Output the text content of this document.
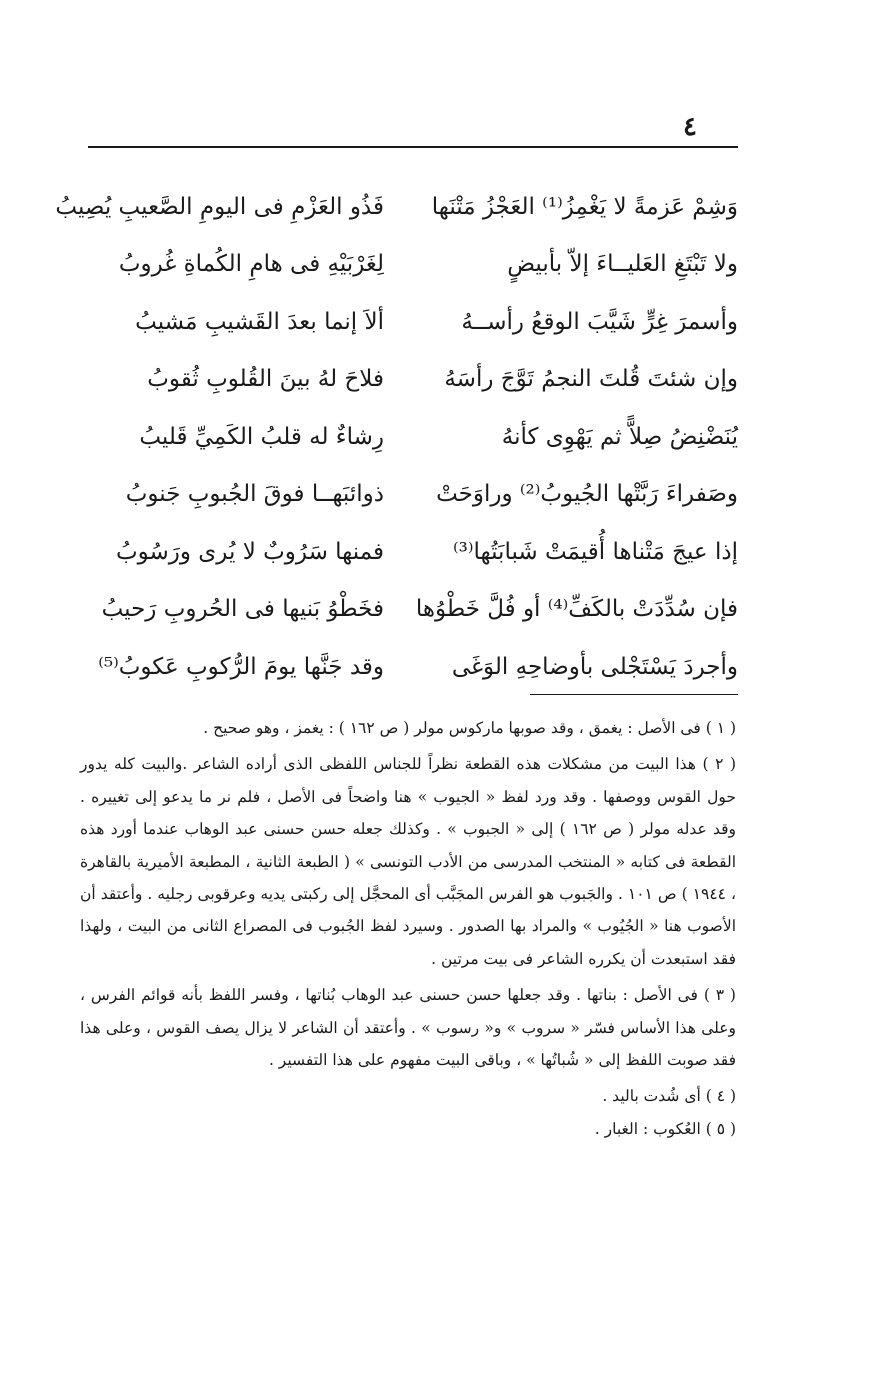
٤
وَشِمْ عَزمةً لا يَغْمِزُ⁽¹⁾ العَجْزُ مَتْنَها
فَذُو العَزْمِ فى اليومِ الصَّعيبِ يُصِيبُ
ولا تَبْتَغِ العَليــاءَ إلاّ بأبيضٍ
لِغَرْبَيْهِ فى هامِ الكُماةِ غُروبُ
وأسمرَ غِرٍّ شَيَّبَ الوقعُ رأســهُ
ألاَ إنما بعدَ القَشيبِ مَشيبُ
وإن شئتَ قُلتَ النجمُ تَوَّجَ رأسَهُ
فلاحَ لهُ بينَ القُلوبِ ثُقوبُ
يُنَضْنِضُ صِلاًّ ثم يَهْوِى كأنهُ
رِشاءٌ له قلبُ الكَمِيِّ قَليبُ
وصَفراءَ رَبَّتْها الجُيوبُ⁽²⁾ وراوَحَتْ
ذوائبَهــا فوقَ الجُبوبِ جَنوبُ
إذا عيجَ مَتْناها أُقيمَتْ شَبابَتُها⁽³⁾
فمنها سَرُوبٌ لا يُرى ورَسُوبُ
فإن سُدِّدَتْ بالكَفِّ⁽⁴⁾ أو فُلَّ خَطْوُها
فخَطْوُ بَنيها فى الحُروبِ رَحيبُ
وأجردَ يَسْتَجْلى بأوضاحِهِ الوَغَى
وقد جَنَّها يومَ الرُّكوبِ عَكوبُ⁽⁵⁾

( ١ ) فى الأصل : يغمق ، وقد صوبها ماركوس مولر ( ص ١٦٢ ) : يغمز ، وهو صحيح .

( ٢ ) هذا البيت من مشكلات هذه القطعة نظراً للجناس اللفظى الذى أراده الشاعر .والبيت كله يدور حول القوس ووصفها . وقد ورد لفظ « الجيوب » هنا واضحاً فى الأصل ، فلم نر ما يدعو إلى تغييره . وقد عدله مولر ( ص ١٦٢ ) إلى « الجبوب » . وكذلك جعله حسن حسنى عبد الوهاب عندما أورد هذه القطعة فى كتابه « المنتخب المدرسى من الأدب التونسى » ( الطبعة الثانية ، المطبعة الأميرية بالقاهرة ، ١٩٤٤ ) ص ١٠١ . والجَبوب هو الفرس المجَبَّب أى المحجَّل إلى ركبتى يديه وعرقوبى رجليه . وأعتقد أن الأصوب هنا « الجُيُوب » والمراد بها الصدور . وسيرد لفظ الجُبوب فى المصراع الثانى من البيت ، ولهذا فقد استبعدت أن يكرره الشاعر فى بيت مرتين .

( ٣ ) فى الأصل : بناتها . وقد جعلها حسن حسنى عبد الوهاب بُناتها ، وفسر اللفظ بأنه قوائم الفرس ، وعلى هذا الأساس فسّر « سروب » و« رسوب » . وأعتقد أن الشاعر لا يزال يصف القوس ، وعلى هذا فقد صوبت اللفظ إلى « شُباتُها » ، وباقى البيت مفهوم على هذا التفسير .

( ٤ ) أى شُدت باليد .

( ٥ ) العُكوب : الغبار .
